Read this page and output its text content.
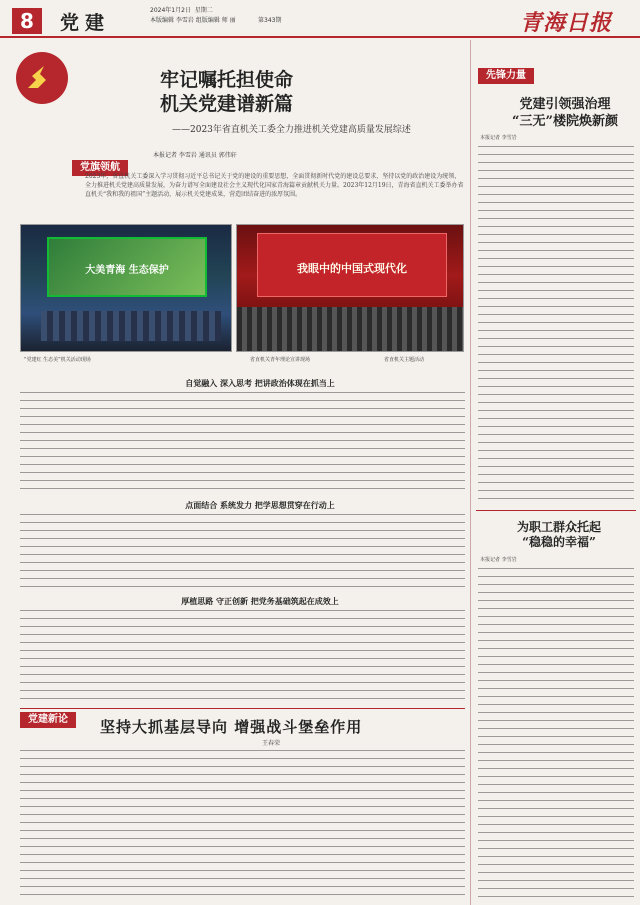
8	党建
2024年1月2日 星期二
本版编辑 李雪岩 组版编辑 师 丽	第343期	青海日报
牢记嘱托担使命
机关党建谱新篇
——2023年省直机关工委全力推进机关党建高质量发展综述
本报记者 李雪岩 通讯员 郭伟轩
党旗领航
2023年，省直机关工委深入学习贯彻习近平总书记关于党的建设的重要思想，全面贯彻新时代党的建设总要求，坚持以党的政治建设为统领，全力推进机关党建高质量发展，为奋力谱写全面建设社会主义现代化国家青海篇章贡献机关力量。2023年12月19日，青海省直机关工委举办省直机关“我和我的祖国”主题活动，展示机关党建成果，营造团结奋进的浓厚氛围。
大美青海 生态保护	我眼中的中国式现代化
“党建红 生态美”机关活动现场	省直机关青年理论宣讲现场	省直机关主题活动
自觉融入 深入思考 把讲政治体现在抓当上
点面结合 系统发力 把学思想贯穿在行动上
厚植思路 守正创新 把党务基础筑起在成效上
党建新论	坚持大抓基层导向 增强战斗堡垒作用
王春荣
先锋力量
党建引领强治理
“三无”楼院焕新颜
本报记者 李雪岩
为职工群众托起
“稳稳的幸福”
本报记者 李雪岩
